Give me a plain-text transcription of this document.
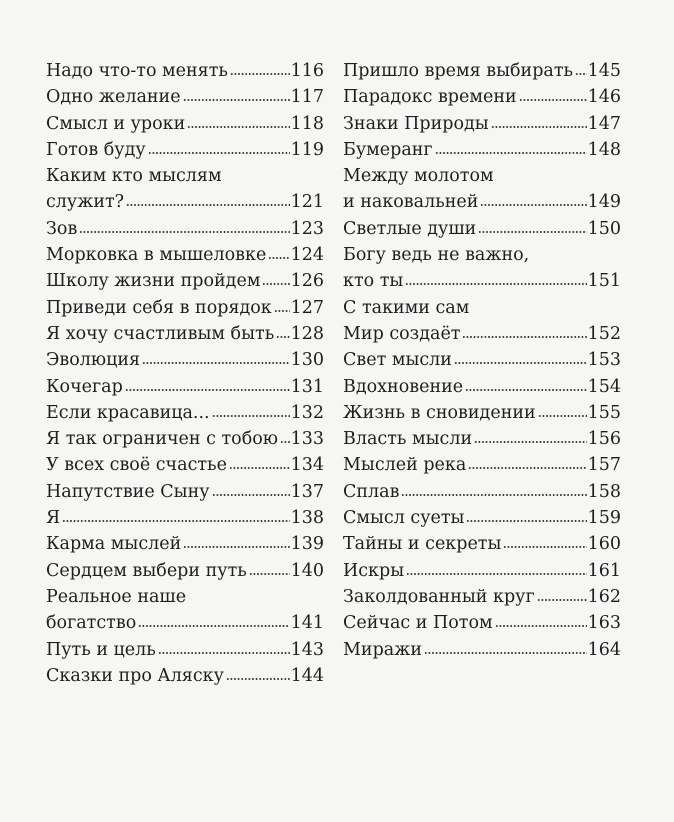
Надо что-то менять	116
Одно желание	117
Смысл и уроки	118
Готов буду	119
Каким кто мыслям
служит?	121
Зов	123
Морковка в мышеловке 124
Школу жизни пройдем 126
Приведи себя в порядок 127
Я хочу счастливым быть 128
Эволюция	130
Кочегар	131
Если красавица...	132
Я так ограничен с тобою 133
У всех своё счастье	134
Напутствие Сыну	137
Я	138
Карма мыслей	139
Сердцем выбери путь	140
Реальное наше
богатство	141
Путь и цель	143
Сказки про Аляску	144
Пришло время выбирать 145
Парадокс времени	146
Знаки Природы	147
Бумеранг	148
Между молотом
и наковальней	149
Светлые души	150
Богу ведь не важно,
кто ты	151
С такими сам
Мир создаёт	152
Свет мысли	153
Вдохновение	154
Жизнь в сновидении	155
Власть мысли	156
Мыслей река	157
Сплав	158
Смысл суеты	159
Тайны и секреты	160
Искры	161
Заколдованный круг	162
Сейчас и Потом	163
Миражи	164
